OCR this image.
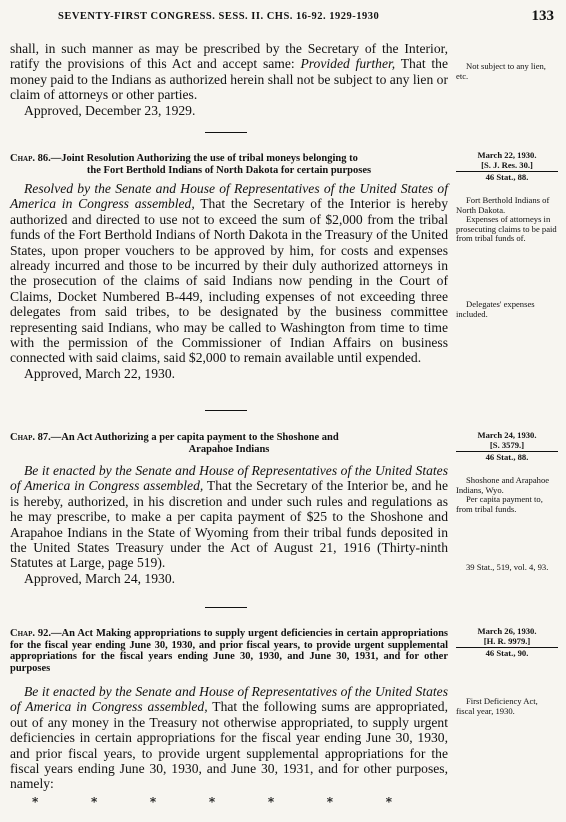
SEVENTY-FIRST CONGRESS. SESS. II. CHS. 16-92. 1929-1930	133

shall, in such manner as may be prescribed by the Secretary of the Interior, ratify the provisions of this Act and accept same: Provided further, That the money paid to the Indians as authorized herein shall not be subject to any lien or claim of attorneys or other parties.

Approved, December 23, 1929.

Not subject to any lien, etc.

Chap. 86.—Joint Resolution Authorizing the use of tribal moneys belonging to
the Fort Berthold Indians of North Dakota for certain purposes

March 22, 1930.

[S. J. Res. 30.]

46 Stat., 88.

Resolved by the Senate and House of Representatives of the United States of America in Congress assembled, That the Secretary of the Interior is hereby authorized and directed to use not to exceed the sum of $2,000 from the tribal funds of the Fort Berthold Indians of North Dakota in the Treasury of the United States, upon proper vouchers to be approved by him, for costs and expenses already incurred and those to be incurred by their duly authorized attorneys in the prosecution of the claims of said Indians now pending in the Court of Claims, Docket Numbered B-449, including expenses of not exceeding three delegates from said tribes, to be designated by the business committee representing said Indians, who may be called to Washington from time to time with the permission of the Commissioner of Indian Affairs on business connected with said claims, said $2,000 to remain available until expended.

Approved, March 22, 1930.

Fort Berthold Indians of North Dakota.

Expenses of attorneys in prosecuting claims to be paid from tribal funds of.

Delegates' expenses included.

Chap. 87.—An Act Authorizing a per capita payment to the Shoshone and
Arapahoe Indians

March 24, 1930.

[S. 3579.]

46 Stat., 88.

Be it enacted by the Senate and House of Representatives of the United States of America in Congress assembled, That the Secretary of the Interior be, and he is hereby, authorized, in his discretion and under such rules and regulations as he may prescribe, to make a per capita payment of $25 to the Shoshone and Arapahoe Indians in the State of Wyoming from their tribal funds deposited in the United States Treasury under the Act of August 21, 1916 (Thirty-ninth Statutes at Large, page 519).

Approved, March 24, 1930.

Shoshone and Arapahoe Indians, Wyo.

Per capita payment to, from tribal funds.

39 Stat., 519, vol. 4, 93.

Chap. 92.—An Act Making appropriations to supply urgent deficiencies in certain appropriations for the fiscal year ending June 30, 1930, and prior fiscal years, to provide urgent supplemental appropriations for the fiscal years ending June 30, 1930, and June 30, 1931, and for other purposes

March 26, 1930.

[H. R. 9979.]

46 Stat., 90.

Be it enacted by the Senate and House of Representatives of the United States of America in Congress assembled, That the following sums are appropriated, out of any money in the Treasury not otherwise appropriated, to supply urgent deficiencies in certain appropriations for the fiscal year ending June 30, 1930, and prior fiscal years, to provide urgent supplemental appropriations for the fiscal years ending June 30, 1930, and June 30, 1931, and for other purposes, namely:

First Deficiency Act, fiscal year, 1930.

*	*	*	*	*	*	*
